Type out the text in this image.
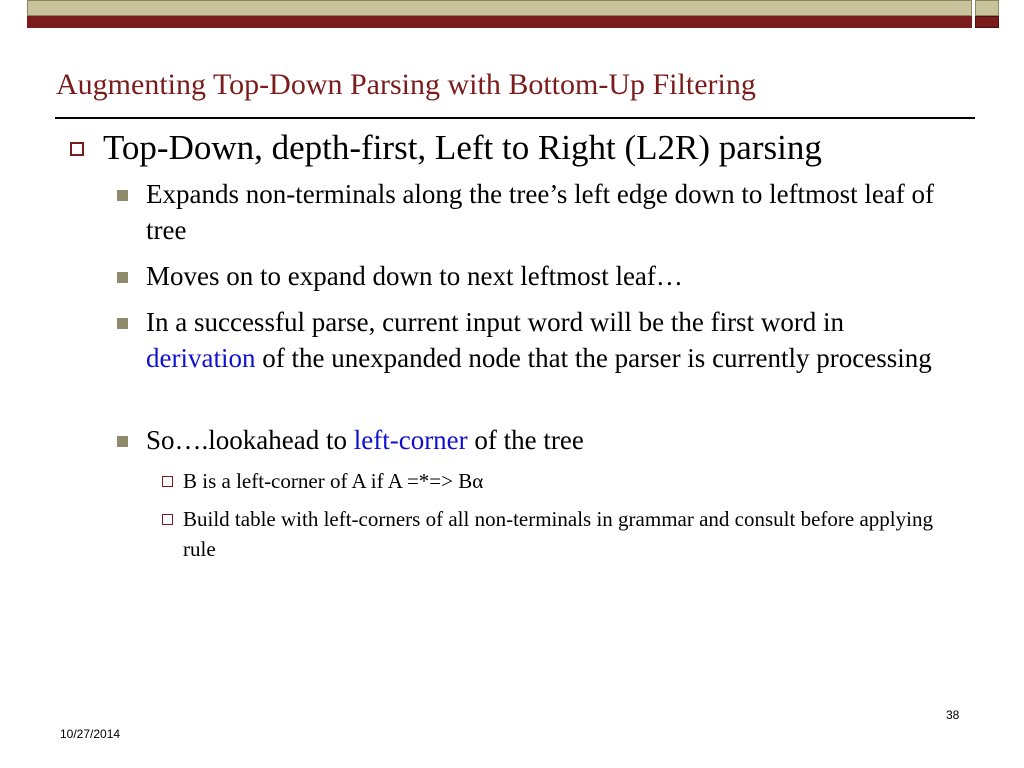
Augmenting Top-Down Parsing with Bottom-Up Filtering
Top-Down, depth-first, Left to Right (L2R) parsing
Expands non-terminals along the tree’s left edge down to leftmost leaf of tree
Moves on to expand down to next leftmost leaf…
In a successful parse, current input word will be the first word in derivation of the unexpanded node that the parser is currently processing
So….lookahead to left-corner of the tree
B is a left-corner of A if A =*=> Bα
Build table with left-corners of all non-terminals in grammar and consult before applying rule
10/27/2014
38
